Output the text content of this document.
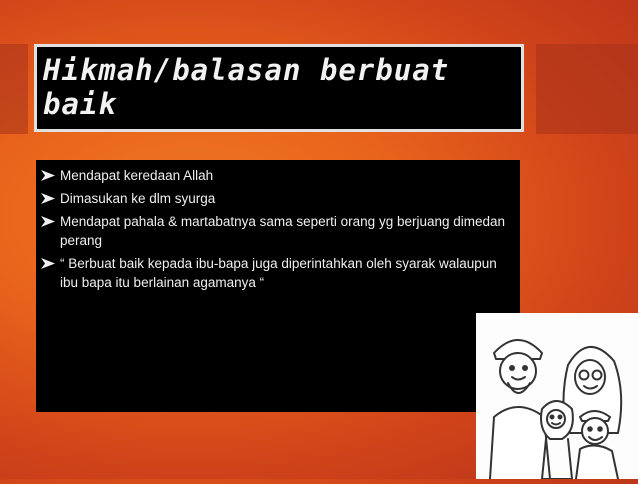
Hikmah/balasan berbuat baik
Mendapat keredaan Allah
Dimasukan ke dlm syurga
Mendapat pahala & martabatnya sama seperti orang yg berjuang dimedan perang
“ Berbuat baik kepada ibu-bapa juga diperintahkan oleh syarak walaupun ibu bapa itu berlainan agamanya “
